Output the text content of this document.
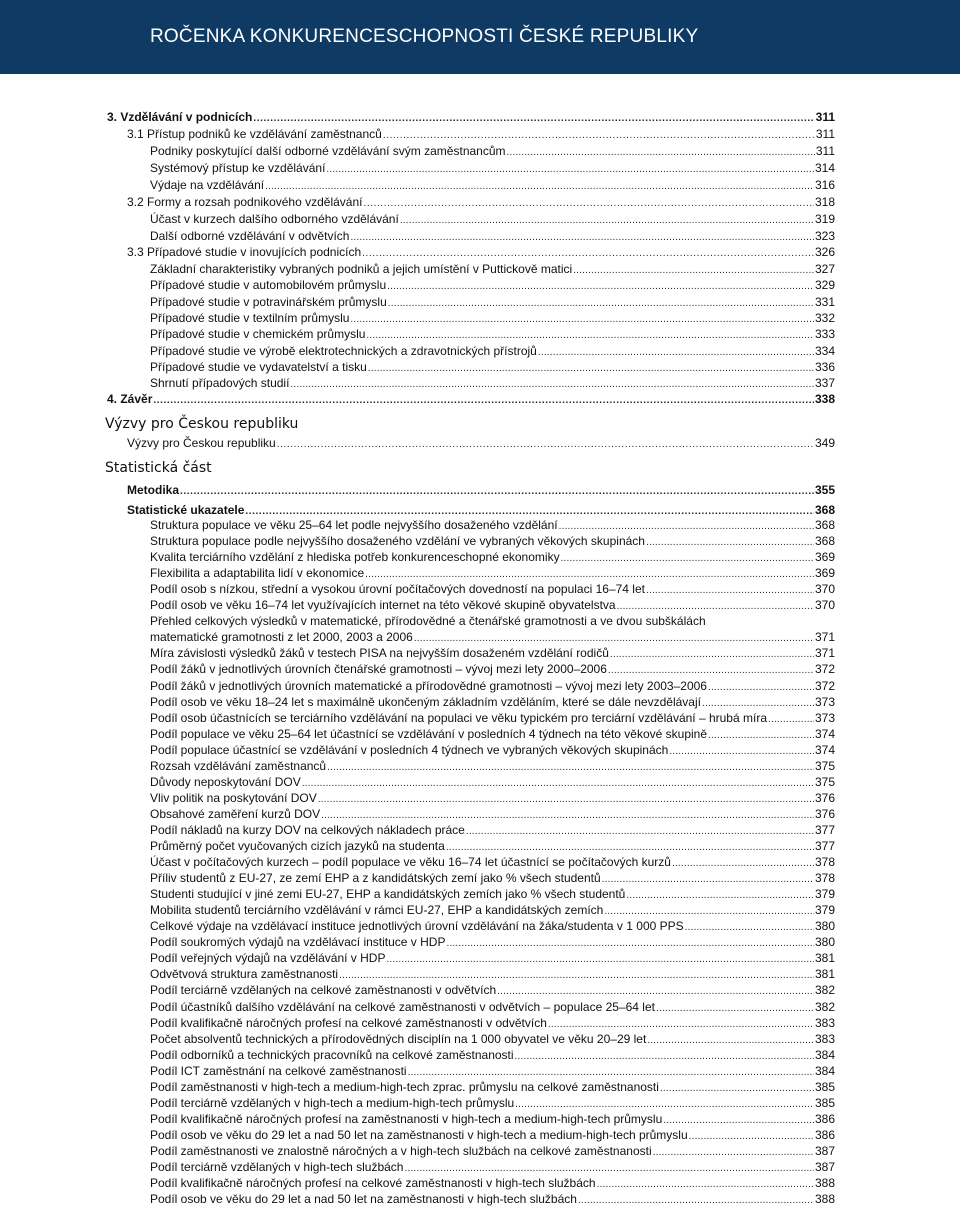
ROČENKA KONKURENCESCHOPNOSTI ČESKÉ REPUBLIKY
3. Vzdělávání v podnicích .....	311
3.1 Přístup podniků ke vzdělávání zaměstnanců .....	311
Podniky poskytující další odborné vzdělávání svým zaměstnancům .....	311
Systémový přístup ke vzdělávání .....	314
Výdaje na vzdělávání .....	316
3.2 Formy a rozsah podnikového vzdělávání .....	318
Účast v kurzech dalšího odborného vzdělávání .....	319
Další odborné vzdělávání v odvětvích .....	323
3.3 Případové studie v inovujících podnicích .....	326
Základní charakteristiky vybraných podniků a jejich umístění v Puttickově matici .....	327
Případové studie v automobilovém průmyslu .....	329
Případové studie v potravinářském průmyslu .....	331
Případové studie v textilním průmyslu .....	332
Případové studie v chemickém průmyslu .....	333
Případové studie ve výrobě elektrotechnických a zdravotnických přístrojů .....	334
Případové studie ve vydavatelství a tisku .....	336
Shrnutí případových studií .....	337
4. Závěr .....	338
Výzvy pro Českou republiku
Výzvy pro Českou republiku .....	349
Statistická část
Metodika .....	355
Statistické ukazatele .....	368
Struktura populace ve věku 25–64 let podle nejvyššího dosaženého vzdělání .....	368
Struktura populace podle nejvyššího dosaženého vzdělání ve vybraných věkových skupinách .....	368
Kvalita terciárního vzdělání z hlediska potřeb konkurenceschopné ekonomiky .....	369
Flexibilita a adaptabilita lidí v ekonomice .....	369
Podíl osob s nízkou, střední a vysokou úrovní počítačových dovedností na populaci 16–74 let .....	370
Podíl osob ve věku 16–74 let využívajících internet na této věkové skupině obyvatelstva .....	370
Přehled celkových výsledků v matematické, přírodovědné a čtenářské gramotnosti a ve dvou subškálách
matematické gramotnosti z let 2000, 2003 a 2006 .....	371
Míra závislosti výsledků žáků v testech PISA na nejvyšším dosaženém vzdělání rodičů .....	371
Podíl žáků v jednotlivých úrovních čtenářské gramotnosti – vývoj mezi lety 2000–2006 .....	372
Podíl žáků v jednotlivých úrovních matematické a přírodovědné gramotnosti – vývoj mezi lety 2003–2006 .....	372
Podíl osob ve věku 18–24 let s maximálně ukončeným základním vzděláním, které se dále nevzdělávají .....	373
Podíl osob účastnících se terciárního vzdělávání na populaci ve věku typickém pro terciární vzdělávání – hrubá míra .....	373
Podíl populace ve věku 25–64 let účastnící se vzdělávání v posledních 4 týdnech na této věkové skupině .....	374
Podíl populace účastnící se vzdělávání v posledních 4 týdnech ve vybraných věkových skupinách .....	374
Rozsah vzdělávání zaměstnanců .....	375
Důvody neposkytování DOV .....	375
Vliv politik na poskytování DOV .....	376
Obsahové zaměření kurzů DOV .....	376
Podíl nákladů na kurzy DOV na celkových nákladech práce .....	377
Průměrný počet vyučovaných cizích jazyků na studenta .....	377
Účast v počítačových kurzech – podíl populace ve věku 16–74 let účastnící se počítačových kurzů .....	378
Příliv studentů z EU-27, ze zemí EHP a z kandidátských zemí jako % všech studentů .....	378
Studenti studující v jiné zemi EU-27, EHP a kandidátských zemích jako % všech studentů .....	379
Mobilita studentů terciárního vzdělávání v rámci EU-27, EHP a kandidátských zemích .....	379
Celkové výdaje na vzdělávací instituce jednotlivých úrovní vzdělávání na žáka/studenta v 1 000 PPS .....	380
Podíl soukromých výdajů na vzdělávací instituce v HDP .....	380
Podíl veřejných výdajů na vzdělávání v HDP .....	381
Odvětvová struktura zaměstnanosti .....	381
Podíl terciárně vzdělaných na celkové zaměstnanosti v odvětvích .....	382
Podíl účastníků dalšího vzdělávání na celkové zaměstnanosti v odvětvích – populace 25–64 let .....	382
Podíl kvalifikačně náročných profesí na celkové zaměstnanosti v odvětvích .....	383
Počet absolventů technických a přírodovědných disciplín na 1 000 obyvatel ve věku 20–29 let .....	383
Podíl odborníků a technických pracovníků na celkové zaměstnanosti .....	384
Podíl ICT zaměstnání na celkové zaměstnanosti .....	384
Podíl zaměstnanosti v high-tech a medium-high-tech zprac. průmyslu na celkové zaměstnanosti .....	385
Podíl terciárně vzdělaných v high-tech a medium-high-tech průmyslu .....	385
Podíl kvalifikačně náročných profesí na zaměstnanosti v high-tech a medium-high-tech průmyslu .....	386
Podíl osob ve věku do 29 let a nad 50 let na zaměstnanosti v high-tech a medium-high-tech průmyslu .....	386
Podíl zaměstnanosti ve znalostně náročných a v high-tech službách na celkové zaměstnanosti .....	387
Podíl terciárně vzdělaných v high-tech službách .....	387
Podíl kvalifikačně náročných profesí na celkové zaměstnanosti v high-tech službách .....	388
Podíl osob ve věku do 29 let a nad 50 let na zaměstnanosti v high-tech službách .....	388
